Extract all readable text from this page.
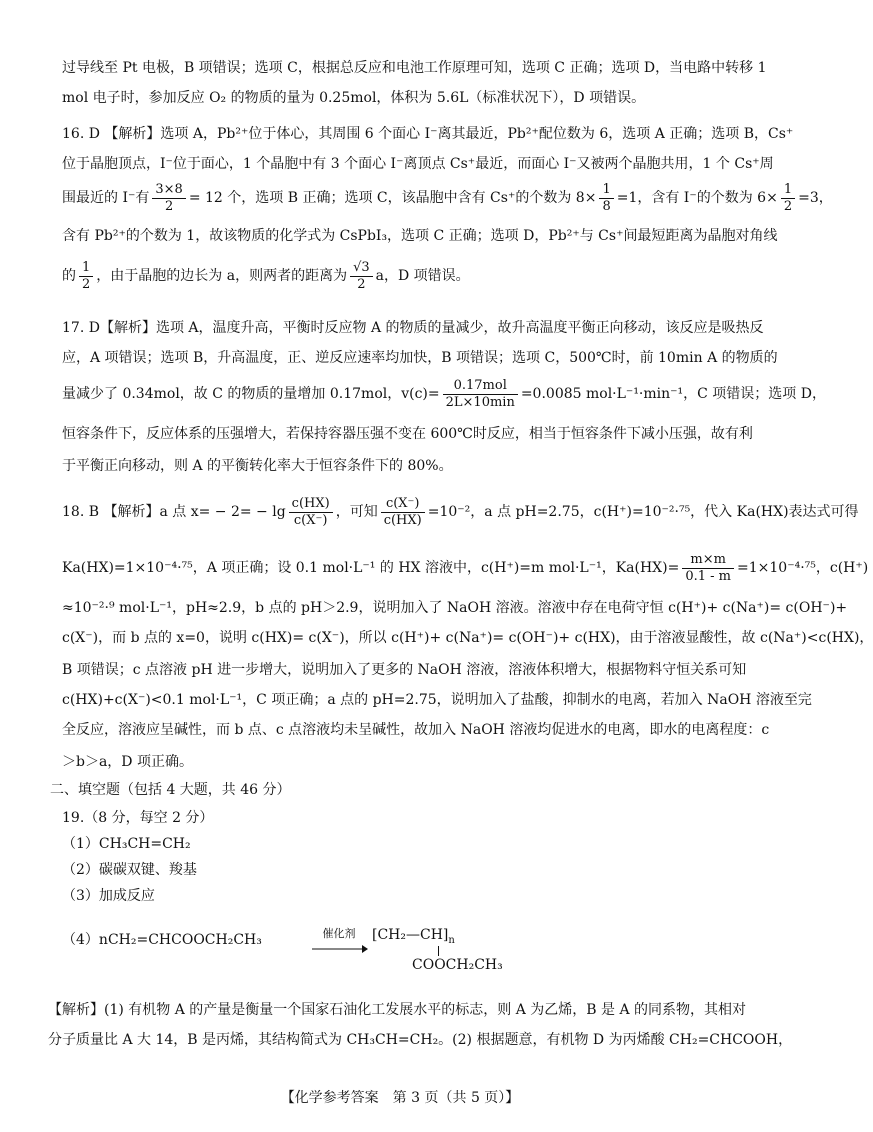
过导线至 Pt 电极，B 项错误；选项 C，根据总反应和电池工作原理可知，选项 C 正确；选项 D，当电路中转移 1
mol 电子时，参加反应 O₂ 的物质的量为 0.25mol，体积为 5.6L（标准状况下），D 项错误。
16. D 【解析】选项 A，Pb²⁺位于体心，其周围 6 个面心 I⁻离其最近，Pb²⁺配位数为 6，选项 A 正确；选项 B，Cs⁺
位于晶胞顶点，I⁻位于面心，1 个晶胞中有 3 个面心 I⁻离顶点 Cs⁺最近，而面心 I⁻又被两个晶胞共用，1 个 Cs⁺周
围最近的 I⁻有 $\frac{3\times 8}{2} = 12$ 个，选项 B 正确；选项 C，该晶胞中含有 Cs⁺的个数为 $8\times \frac{1}{8} =1$，含有 I⁻的个数为 $6\times \frac{1}{2} =3$，
含有 Pb²⁺的个数为 1，故该物质的化学式为 CsPbI₃，选项 C 正确；选项 D，Pb²⁺与 Cs⁺间最短距离为晶胞对角线
的 $\frac{1}{2}$ ，由于晶胞的边长为 a，则两者的距离为 $\frac{√3}{2}$ a，D 项错误。
17. D【解析】选项 A，温度升高，平衡时反应物 A 的物质的量减少，故升高温度平衡正向移动，该反应是吸热反
应，A 项错误；选项 B，升高温度，正、逆反应速率均加快，B 项错误；选项 C，500℃时，前 10min A 的物质的
量减少了 0.34mol，故 C 的物质的量增加 0.17mol，$v(c)= \frac{\text{0.17mol}}{2L\times 10\min} =0.0085$ mol·L⁻¹·min⁻¹，C 项错误；选项 D，
恒容条件下，反应体系的压强增大，若保持容器压强不变在 600℃时反应，相当于恒容条件下减小压强，故有利
于平衡正向移动，则 A 的平衡转化率大于恒容条件下的 80%。
18. B 【解析】a 点 $x= - 2= - \lg \frac{c(HX)}{c(X^-)}$ ，可知 $\frac{c(X^-)}{c(HX)} =10^{-2}$，a 点 pH=2.75，c(H⁺)=10⁻²·⁷⁵，代入 Ka(HX)表达式可得
Ka(HX)=1×10⁻⁴·⁷⁵，A 项正确；设 0.1 mol·L⁻¹ 的 HX 溶液中，c(H⁺)=m mol·L⁻¹，$Ka(HX)= \frac{m\times m}{0.1 - m} =1\times 10^{-4}\cdot^{75}$，c(H⁺)
≈10⁻²·⁹ mol·L⁻¹，pH≈2.9，b 点的 pH＞2.9，说明加入了 NaOH 溶液。溶液中存在电荷守恒 c(H⁺)+ c(Na⁺)= c(OH⁻)+
c(X⁻)，而 b 点的 x=0，说明 c(HX)= c(X⁻)，所以 c(H⁺)+ c(Na⁺)= c(OH⁻)+ c(HX)，由于溶液显酸性，故 c(Na⁺)<c(HX)，
B 项错误；c 点溶液 pH 进一步增大，说明加入了更多的 NaOH 溶液，溶液体积增大，根据物料守恒关系可知
c(HX)+c(X⁻)<0.1 mol·L⁻¹，C 项正确；a 点的 pH=2.75，说明加入了盐酸，抑制水的电离，若加入 NaOH 溶液至完
全反应，溶液应呈碱性，而 b 点、c 点溶液均未呈碱性，故加入 NaOH 溶液均促进水的电离，即水的电离程度：c
＞b＞a，D 项正确。
二、填空题（包括 4 大题，共 46 分）
19.（8 分，每空 2 分）
（1）CH₃CH=CH₂
（2）碳碳双键、羧基
（3）加成反应
（4）nCH₂=CHCOOCH₂CH₃	催化剂	$[CH_2—CH]_n$
COOCH₂CH₃
【解析】(1) 有机物 A 的产量是衡量一个国家石油化工发展水平的标志，则 A 为乙烯，B 是 A 的同系物，其相对
分子质量比 A 大 14，B 是丙烯，其结构简式为 CH₃CH=CH₂。(2) 根据题意，有机物 D 为丙烯酸 CH₂=CHCOOH，
【化学参考答案　第 3 页（共 5 页）】
